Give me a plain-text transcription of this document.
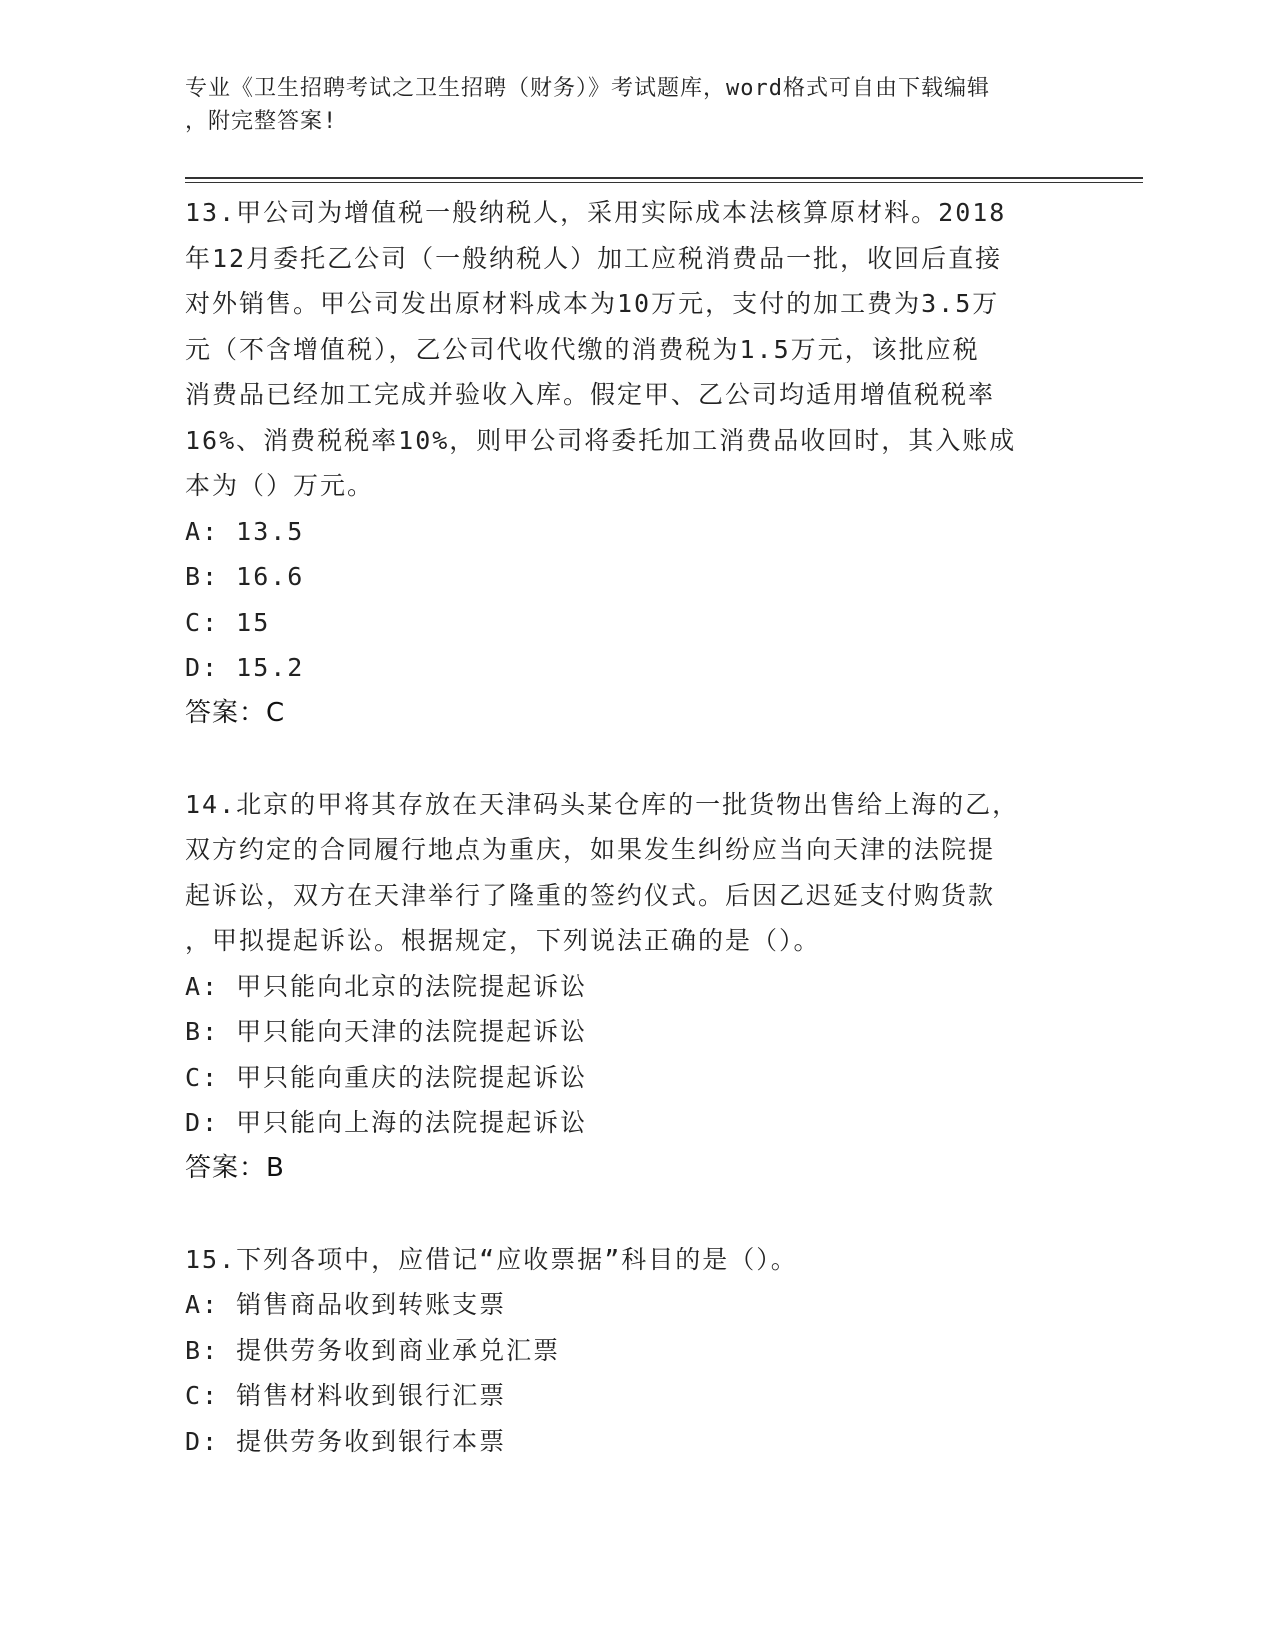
专业《卫生招聘考试之卫生招聘（财务）》考试题库，word格式可自由下载编辑
，附完整答案!
13.甲公司为增值税一般纳税人，采用实际成本法核算原材料。2018
年12月委托乙公司（一般纳税人）加工应税消费品一批，收回后直接
对外销售。甲公司发出原材料成本为10万元，支付的加工费为3.5万
元（不含增值税），乙公司代收代缴的消费税为1.5万元，该批应税
消费品已经加工完成并验收入库。假定甲、乙公司均适用增值税税率
16%、消费税税率10%，则甲公司将委托加工消费品收回时，其入账成
本为（）万元。
A: 13.5
B: 16.6
C: 15
D: 15.2
答案：C
14.北京的甲将其存放在天津码头某仓库的一批货物出售给上海的乙，
双方约定的合同履行地点为重庆，如果发生纠纷应当向天津的法院提
起诉讼，双方在天津举行了隆重的签约仪式。后因乙迟延支付购货款
，甲拟提起诉讼。根据规定，下列说法正确的是（）。
A: 甲只能向北京的法院提起诉讼
B: 甲只能向天津的法院提起诉讼
C: 甲只能向重庆的法院提起诉讼
D: 甲只能向上海的法院提起诉讼
答案：B
15.下列各项中，应借记“应收票据”科目的是（）。
A: 销售商品收到转账支票
B: 提供劳务收到商业承兑汇票
C: 销售材料收到银行汇票
D: 提供劳务收到银行本票
